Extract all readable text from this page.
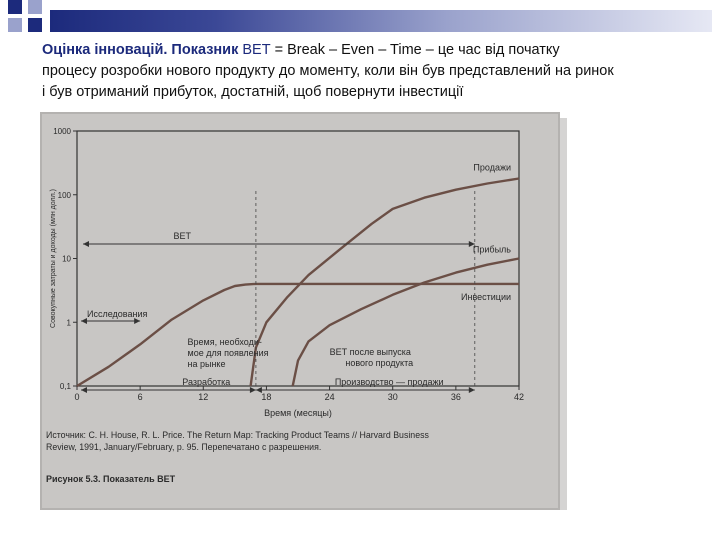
Оцінка інновацій. Показник ВЕТ = Break – Even – Time – це час від початку
процесу розробки нового продукту до моменту, коли він був представлений на ринок
і був отриманий прибуток, достатній, щоб повернути інвестиції
0,1
1
10
100
1000
0	6	12	18	24	30	36	42
Время (месяцы)
Совокупные затраты и доходы (млн долл.)
Продажи
Прибыль
Инвестиции
ВЕТ
Исследования
Разработка
Время, необходи-
мое для появления
на рынке
Производство — продажи
ВЕТ после выпуска
нового продукта
Источник: C. H. House, R. L. Price. The Return Map: Tracking Product Teams // Harvard Business
Review, 1991, January/February, p. 95. Перепечатано с разрешения.
Рисунок 5.3. Показатель ВЕТ
